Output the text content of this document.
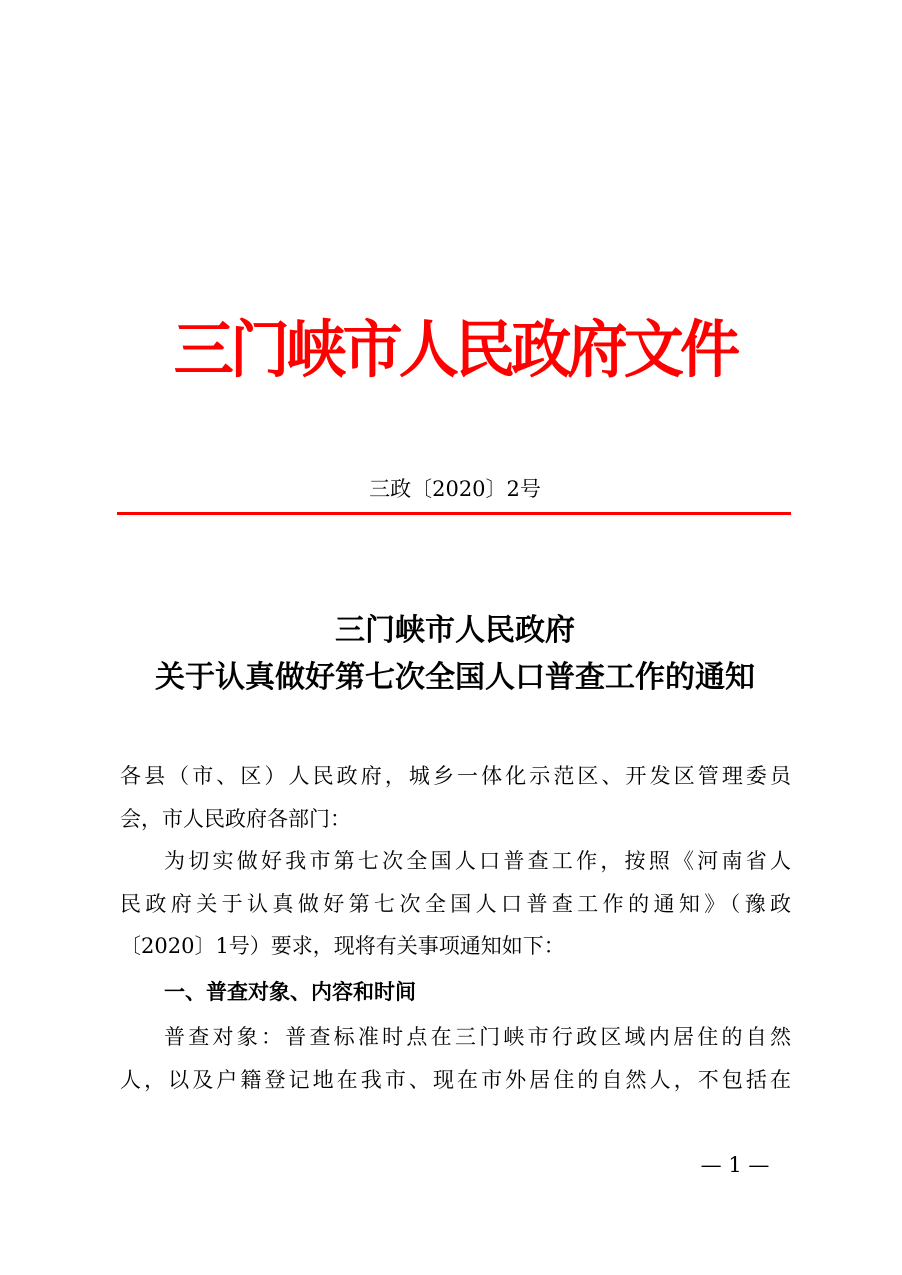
三门峡市人民政府文件
三政〔2020〕2号
三门峡市人民政府
关于认真做好第七次全国人口普查工作的通知

各县（市、区）人民政府，城乡一体化示范区、开发区管理委员
会，市人民政府各部门：

为切实做好我市第七次全国人口普查工作，按照《河南省人
民政府关于认真做好第七次全国人口普查工作的通知》（豫政
〔2020〕1号）要求，现将有关事项通知如下：

一、普查对象、内容和时间

普查对象：普查标准时点在三门峡市行政区域内居住的自然
人，以及户籍登记地在我市、现在市外居住的自然人，不包括在

— 1 —
